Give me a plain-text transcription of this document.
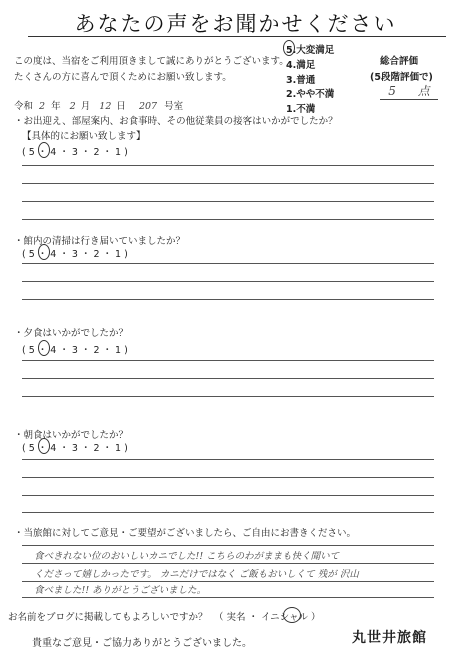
あなたの声をお聞かせください
この度は、当宿をご利用頂きまして誠にありがとうございます。
たくさんの方に喜んで頂くためにお願い致します。
5.大変満足
4.満足
3.普通
2.やや不満
1.不満
総合評価
(5段階評価で)
5 点
令和 2 年 2 月 12 日 207 号室
・お出迎え、部屋案内、お食事時、その他従業員の接客はいかがでしたか？
【具体的にお願い致します】
( 5 ・ 4 ・ 3 ・ 2 ・ 1 )
・館内の清掃は行き届いていましたか？
( 5 ・ 4 ・ 3 ・ 2 ・ 1 )
・夕食はいかがでしたか？
( 5 ・ 4 ・ 3 ・ 2 ・ 1 )
・朝食はいかがでしたか？
( 5 ・ 4 ・ 3 ・ 2 ・ 1 )
・当旅館に対してご意見・ご要望がございましたら、ご自由にお書きください。
食べきれない位のおいしいカニでした!! こちらのわがままも快く聞いて
くださって嬉しかったです。 カニだけではなく ご飯もおいしくて 残が 沢山
食べました!! ありがとうございました。
お名前をブログに掲載してもよろしいですか？ （ 実名 ・ イニシャル ）
貴重なご意見・ご協力ありがとうございました。	丸世井旅館
